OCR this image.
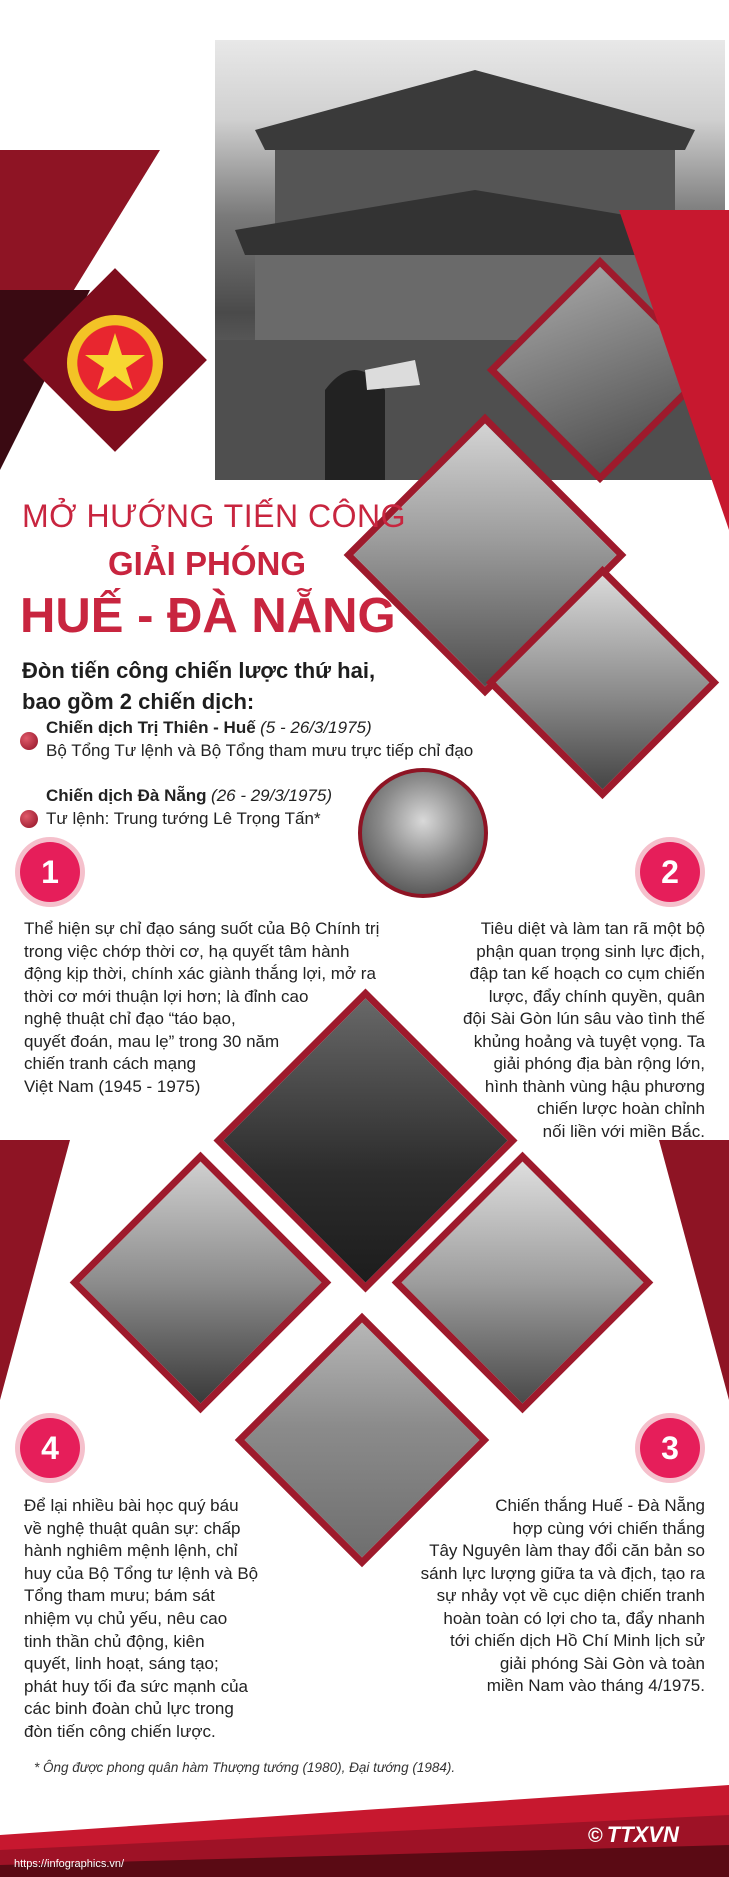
MỞ HƯỚNG TIẾN CÔNG
GIẢI PHÓNG
HUẾ - ĐÀ NẴNG
Đòn tiến công chiến lược thứ hai,
bao gồm 2 chiến dịch:
Chiến dịch Trị Thiên - Huế (5 - 26/3/1975)
Bộ Tổng Tư lệnh và Bộ Tổng tham mưu trực tiếp chỉ đạo
Chiến dịch Đà Nẵng (26 - 29/3/1975)
Tư lệnh: Trung tướng Lê Trọng Tấn*
1	2
3
4
Thể hiện sự chỉ đạo sáng suốt của Bộ Chính trị
trong việc chớp thời cơ, hạ quyết tâm hành
động kịp thời, chính xác giành thắng lợi, mở ra
thời cơ mới thuận lợi hơn; là đỉnh cao
nghệ thuật chỉ đạo “táo bạo,
quyết đoán, mau lẹ” trong 30 năm
chiến tranh cách mạng
Việt Nam (1945 - 1975)
Tiêu diệt và làm tan rã một bộ
phận quan trọng sinh lực địch,
đập tan kế hoạch co cụm chiến
lược, đẩy chính quyền, quân
đội Sài Gòn lún sâu vào tình thế
khủng hoảng và tuyệt vọng. Ta
giải phóng địa bàn rộng lớn,
hình thành vùng hậu phương
chiến lược hoàn chỉnh
nối liền với miền Bắc.
Để lại nhiều bài học quý báu
về nghệ thuật quân sự: chấp
hành nghiêm mệnh lệnh, chỉ
huy của Bộ Tổng tư lệnh và Bộ
Tổng tham mưu; bám sát
nhiệm vụ chủ yếu, nêu cao
tinh thần chủ động, kiên
quyết, linh hoạt, sáng tạo;
phát huy tối đa sức mạnh của
các binh đoàn chủ lực trong
đòn tiến công chiến lược.
Chiến thắng Huế - Đà Nẵng
hợp cùng với chiến thắng
Tây Nguyên làm thay đổi căn bản so
sánh lực lượng giữa ta và địch, tạo ra
sự nhảy vọt về cục diện chiến tranh
hoàn toàn có lợi cho ta, đẩy nhanh
tới chiến dịch Hồ Chí Minh lịch sử
giải phóng Sài Gòn và toàn
miền Nam vào tháng 4/1975.
* Ông được phong quân hàm Thượng tướng (1980), Đại tướng (1984).
https://infographics.vn/
© TTXVN
